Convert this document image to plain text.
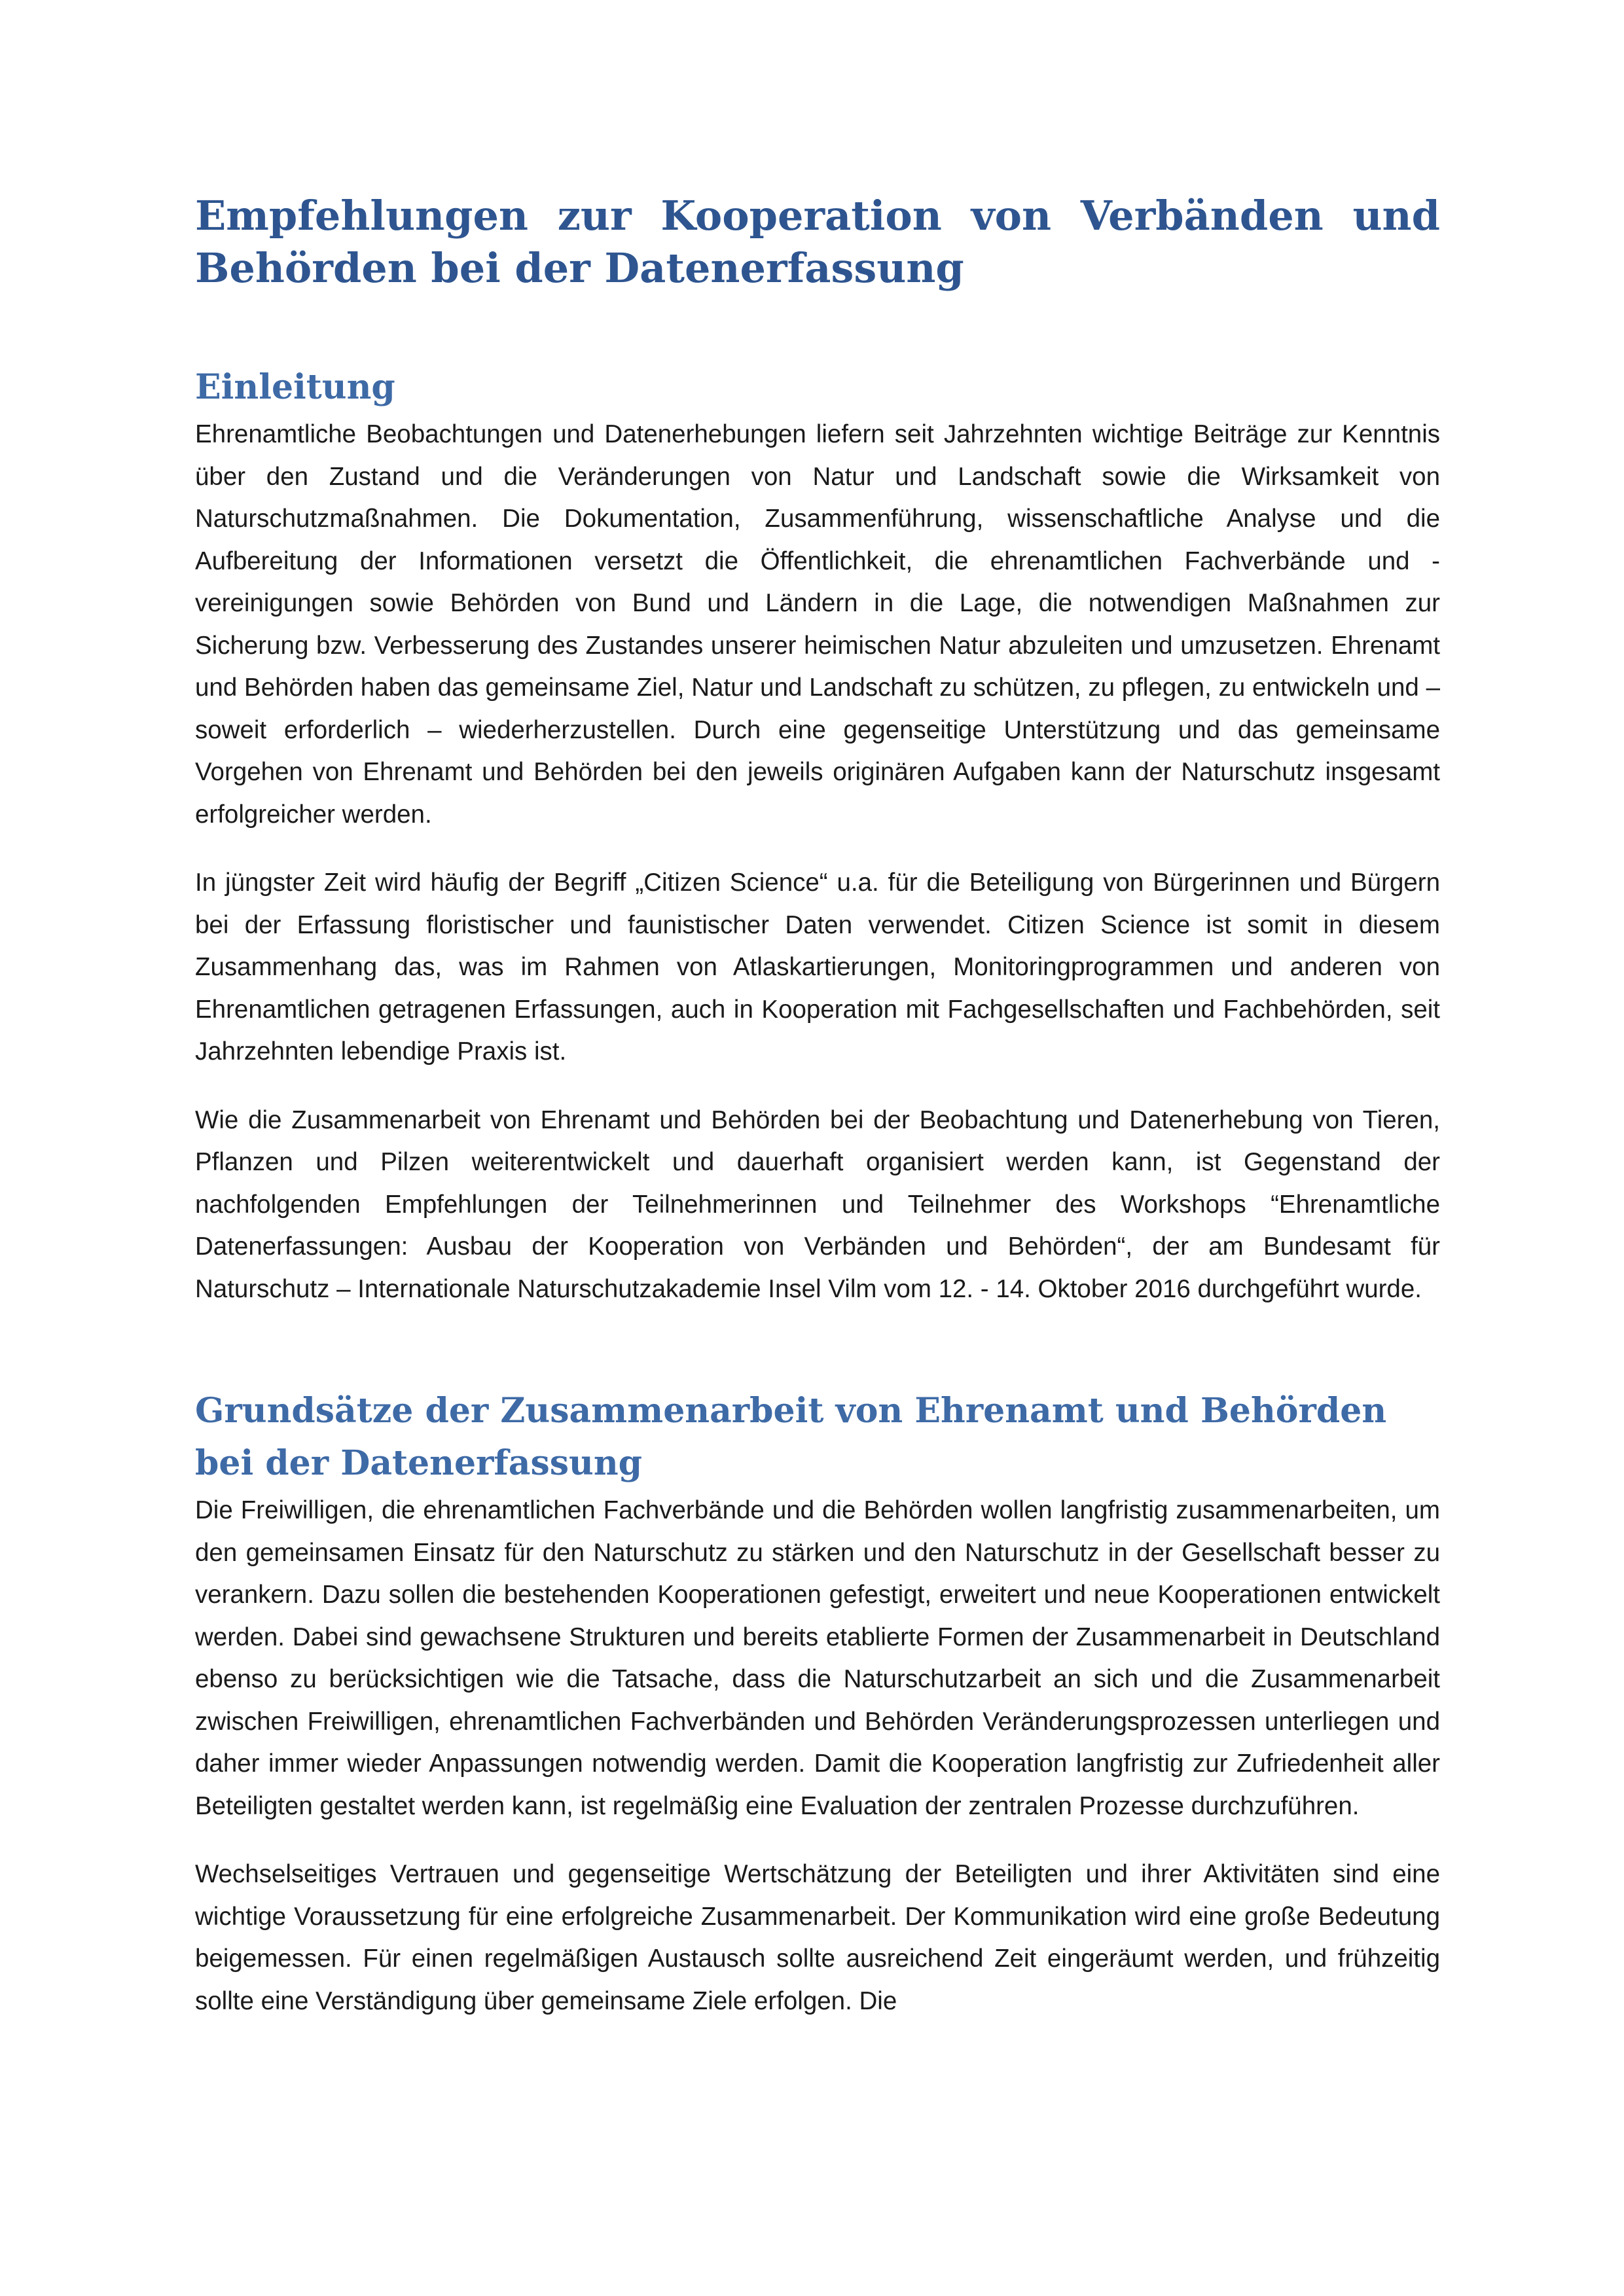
Empfehlungen zur Kooperation von Verbänden und Behörden bei der Datenerfassung
Einleitung

Ehrenamtliche Beobachtungen und Datenerhebungen liefern seit Jahrzehnten wichtige Beiträge zur Kenntnis über den Zustand und die Veränderungen von Natur und Landschaft sowie die Wirksamkeit von Naturschutzmaßnahmen. Die Dokumentation, Zusammenführung, wissenschaftliche Analyse und die Aufbereitung der Informationen versetzt die Öffentlichkeit, die ehrenamtlichen Fachverbände und -vereinigungen sowie Behörden von Bund und Ländern in die Lage, die notwendigen Maßnahmen zur Sicherung bzw. Verbesserung des Zustandes unserer heimischen Natur abzuleiten und umzusetzen. Ehrenamt und Behörden haben das gemeinsame Ziel, Natur und Landschaft zu schützen, zu pflegen, zu entwickeln und – soweit erforderlich – wiederherzustellen. Durch eine gegenseitige Unterstützung und das gemeinsame Vorgehen von Ehrenamt und Behörden bei den jeweils originären Aufgaben kann der Naturschutz insgesamt erfolgreicher werden.

In jüngster Zeit wird häufig der Begriff „Citizen Science“ u.a. für die Beteiligung von Bürgerinnen und Bürgern bei der Erfassung floristischer und faunistischer Daten verwendet. Citizen Science ist somit in diesem Zusammenhang das, was im Rahmen von Atlaskartierungen, Monitoringprogrammen und anderen von Ehrenamtlichen getragenen Erfassungen, auch in Kooperation mit Fachgesellschaften und Fachbehörden, seit Jahrzehnten lebendige Praxis ist.

Wie die Zusammenarbeit von Ehrenamt und Behörden bei der Beobachtung und Datenerhebung von Tieren, Pflanzen und Pilzen weiterentwickelt und dauerhaft organisiert werden kann, ist Gegenstand der nachfolgenden Empfehlungen der Teilnehmerinnen und Teilnehmer des Workshops “Ehrenamtliche Datenerfassungen: Ausbau der Kooperation von Verbänden und Behörden“, der am Bundesamt für Naturschutz – Internationale Naturschutzakademie Insel Vilm vom 12. - 14. Oktober 2016 durchgeführt wurde.

Grundsätze der Zusammenarbeit von Ehrenamt und Behörden bei der Datenerfassung

Die Freiwilligen, die ehrenamtlichen Fachverbände und die Behörden wollen langfristig zusammenarbeiten, um den gemeinsamen Einsatz für den Naturschutz zu stärken und den Naturschutz in der Gesellschaft besser zu verankern. Dazu sollen die bestehenden Kooperationen gefestigt, erweitert und neue Kooperationen entwickelt werden. Dabei sind gewachsene Strukturen und bereits etablierte Formen der Zusammenarbeit in Deutschland ebenso zu berücksichtigen wie die Tatsache, dass die Naturschutzarbeit an sich und die Zusammenarbeit zwischen Freiwilligen, ehrenamtlichen Fachverbänden und Behörden Veränderungsprozessen unterliegen und daher immer wieder Anpassungen notwendig werden. Damit die Kooperation langfristig zur Zufriedenheit aller Beteiligten gestaltet werden kann, ist regelmäßig eine Evaluation der zentralen Prozesse durchzuführen.

Wechselseitiges Vertrauen und gegenseitige Wertschätzung der Beteiligten und ihrer Aktivitäten sind eine wichtige Voraussetzung für eine erfolgreiche Zusammenarbeit. Der Kommunikation wird eine große Bedeutung beigemessen. Für einen regelmäßigen Austausch sollte ausreichend Zeit eingeräumt werden, und frühzeitig sollte eine Verständigung über gemeinsame Ziele erfolgen. Die
